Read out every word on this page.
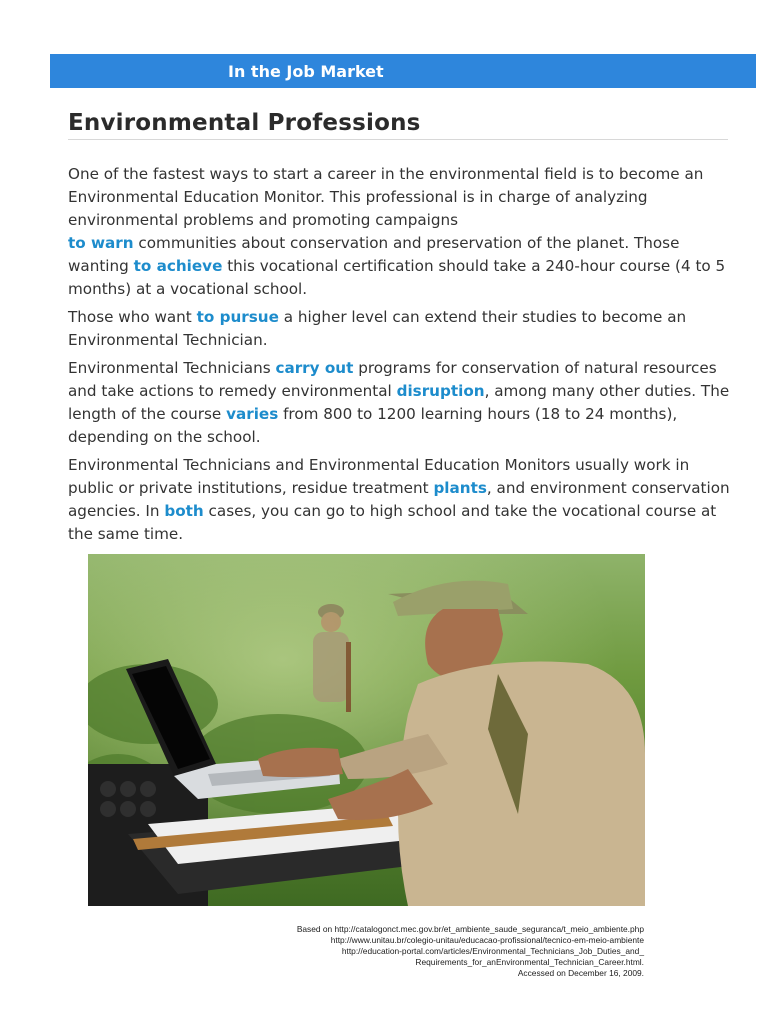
In the Job Market
Environmental Professions

One of the fastest ways to start a career in the environmental field is to become an Environmental Education Monitor. This professional is in charge of analyzing environmental problems and promoting campaigns
to warn communities about conservation and preservation of the planet. Those wanting to achieve this vocational certification should take a 240-hour course (4 to 5 months) at a vocational school.

Those who want to pursue a higher level can extend their studies to become an Environmental Technician.

Environmental Technicians carry out programs for conservation of natural resources and take actions to remedy environmental disruption, among many other duties. The length of the course varies from 800 to 1200 learning hours (18 to 24 months), depending on the school.

Environmental Technicians and Environmental Education Monitors usually work in public or private institutions, residue treatment plants, and environment conservation agencies. In both cases, you can go to high school and take the vocational course at the same time.

Based on http://catalogonct.mec.gov.br/et_ambiente_saude_seguranca/t_meio_ambiente.php
http://www.unitau.br/colegio-unitau/educacao-profissional/tecnico-em-meio-ambiente
http://education-portal.com/articles/Environmental_Technicians_Job_Duties_and_
Requirements_for_anEnvironmental_Technician_Career.html.
Accessed on December 16, 2009.
